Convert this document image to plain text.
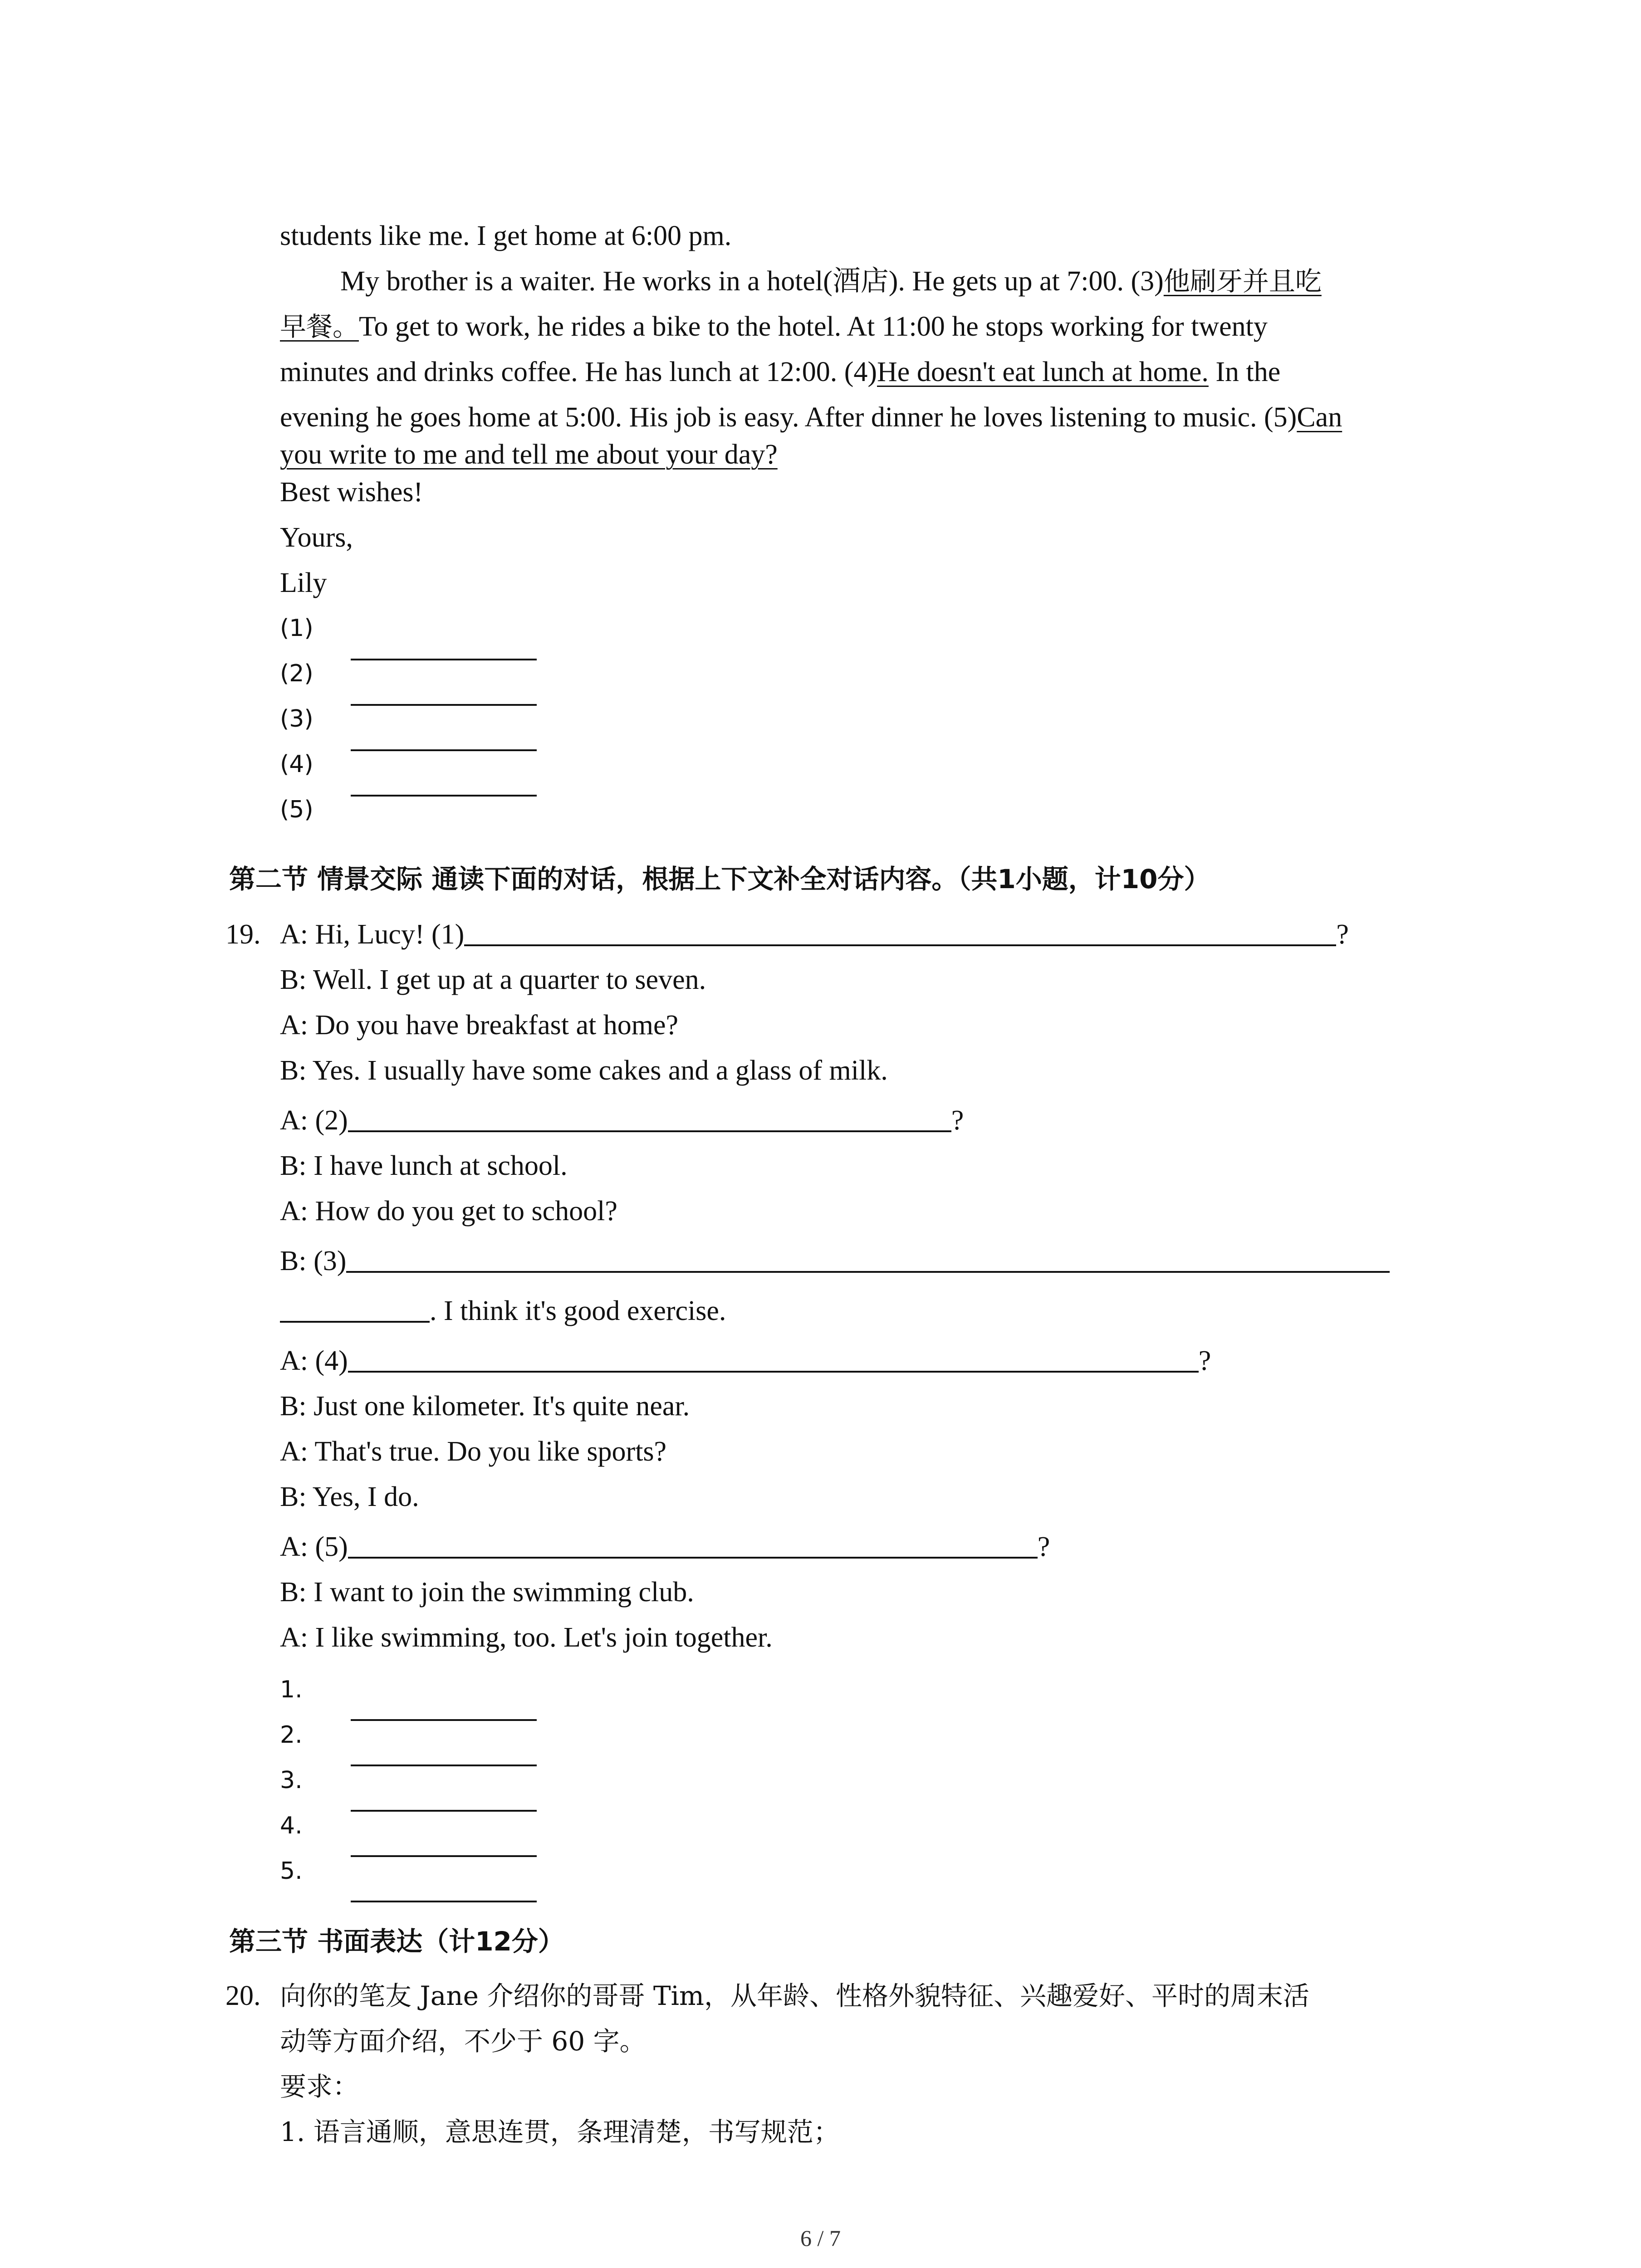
students like me. I get home at 6:00 pm.
My brother is a waiter. He works in a hotel(酒店). He gets up at 7:00. (3)他刷牙并且吃
早餐。To get to work, he rides a bike to the hotel. At 11:00 he stops working for twenty
minutes and drinks coffee. He has lunch at 12:00. (4)He doesn't eat lunch at home. In the
evening he goes home at 5:00. His job is easy. After dinner he loves listening to music. (5)Can
you write to me and tell me about your day?
Best wishes!
Yours,
Lily
(1)
(2)
(3)
(4)
(5)
第二节 情景交际 通读下面的对话，根据上下文补全对话内容。（共1小题，计10分）
19. A: Hi, Lucy! (1)	?
B: Well. I get up at a quarter to seven.
A: Do you have breakfast at home?
B: Yes. I usually have some cakes and a glass of milk.
A: (2)	?
B: I have lunch at school.
A: How do you get to school?
B: (3)
. I think it's good exercise.
A: (4)	?
B: Just one kilometer. It's quite near.
A: That's true. Do you like sports?
B: Yes, I do.
A: (5)	?
B: I want to join the swimming club.
A: I like swimming, too. Let's join together.
1.
2.
3.
4.
5.
第三节 书面表达（计12分）
20. 向你的笔友 Jane 介绍你的哥哥 Tim，从年龄、性格外貌特征、兴趣爱好、平时的周末活
动等方面介绍，不少于 60 字。
要求：
1. 语言通顺，意思连贯，条理清楚，书写规范；
6 / 7
